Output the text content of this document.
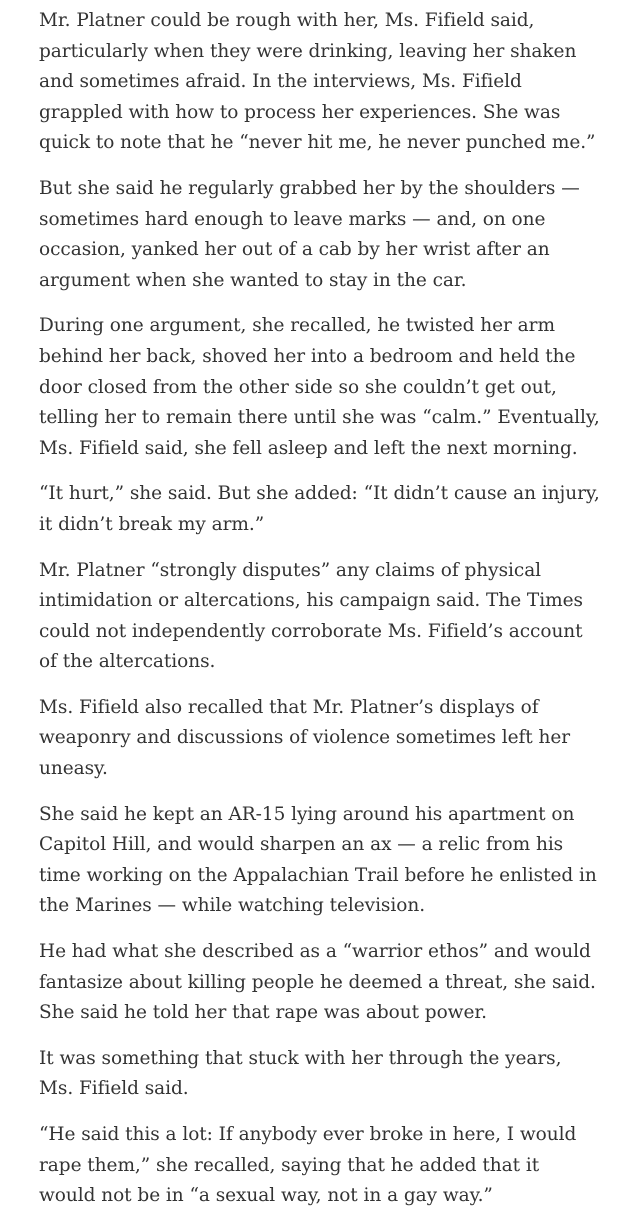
Mr. Platner could be rough with her, Ms. Fifield said, particularly when they were drinking, leaving her shaken and sometimes afraid. In the interviews, Ms. Fifield grappled with how to process her experiences. She was quick to note that he “never hit me, he never punched me.”

But she said he regularly grabbed her by the shoulders — sometimes hard enough to leave marks — and, on one occasion, yanked her out of a cab by her wrist after an argument when she wanted to stay in the car.

During one argument, she recalled, he twisted her arm behind her back, shoved her into a bedroom and held the door closed from the other side so she couldn’t get out, telling her to remain there until she was “calm.” Eventually, Ms. Fifield said, she fell asleep and left the next morning.

“It hurt,” she said. But she added: “It didn’t cause an injury, it didn’t break my arm.”

Mr. Platner “strongly disputes” any claims of physical intimidation or altercations, his campaign said. The Times could not independently corroborate Ms. Fifield’s account of the altercations.

Ms. Fifield also recalled that Mr. Platner’s displays of weaponry and discussions of violence sometimes left her uneasy.

She said he kept an AR-15 lying around his apartment on Capitol Hill, and would sharpen an ax — a relic from his time working on the Appalachian Trail before he enlisted in the Marines — while watching television.

He had what she described as a “warrior ethos” and would fantasize about killing people he deemed a threat, she said. She said he told her that rape was about power.

It was something that stuck with her through the years, Ms. Fifield said.

“He said this a lot: If anybody ever broke in here, I would rape them,” she recalled, saying that he added that it would not be in “a sexual way, not in a gay way.”
